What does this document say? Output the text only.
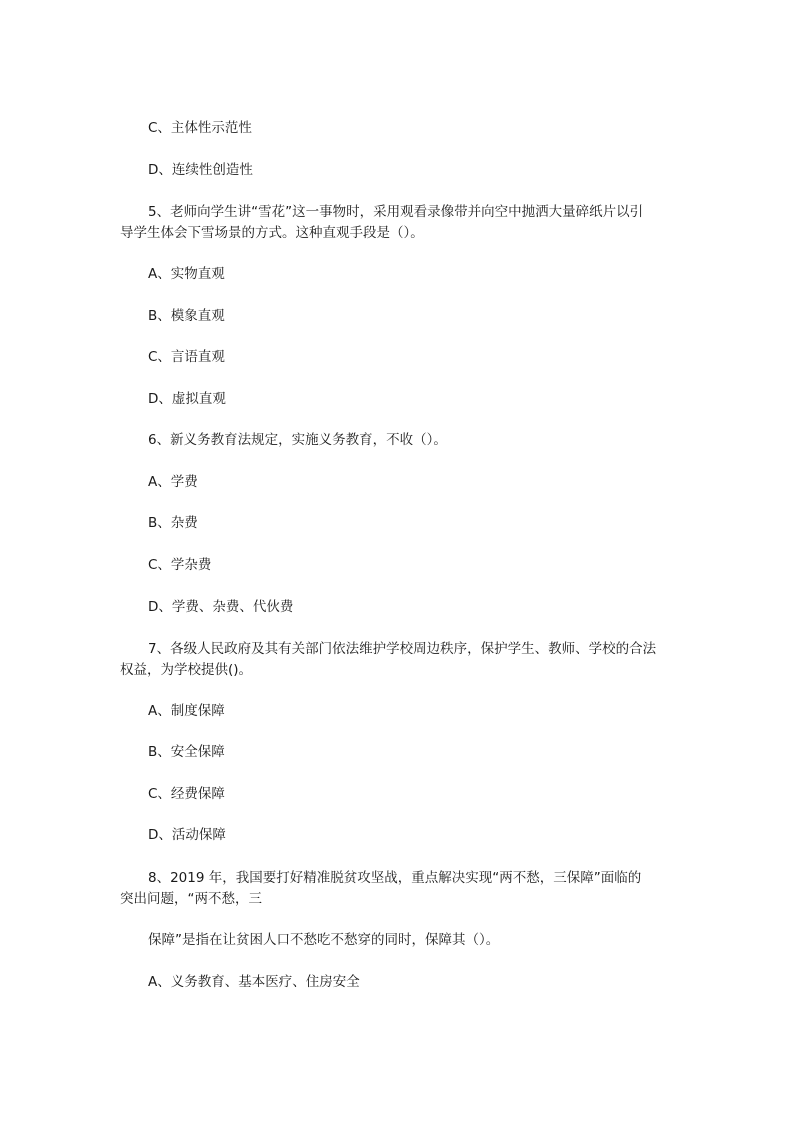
C、主体性示范性
D、连续性创造性
5、老师向学生讲“雪花”这一事物时，采用观看录像带并向空中抛洒大量碎纸片以引
导学生体会下雪场景的方式。这种直观手段是（）。
A、实物直观
B、模象直观
C、言语直观
D、虚拟直观
6、新义务教育法规定，实施义务教育，不收（）。
A、学费
B、杂费
C、学杂费
D、学费、杂费、代伙费
7、各级人民政府及其有关部门依法维护学校周边秩序，保护学生、教师、学校的合法
权益，为学校提供()。
A、制度保障
B、安全保障
C、经费保障
D、活动保障
8、2019 年，我国要打好精准脱贫攻坚战，重点解决实现“两不愁，三保障”面临的
突出问题，“两不愁，三
保障”是指在让贫困人口不愁吃不愁穿的同时，保障其（）。
A、义务教育、基本医疗、住房安全
